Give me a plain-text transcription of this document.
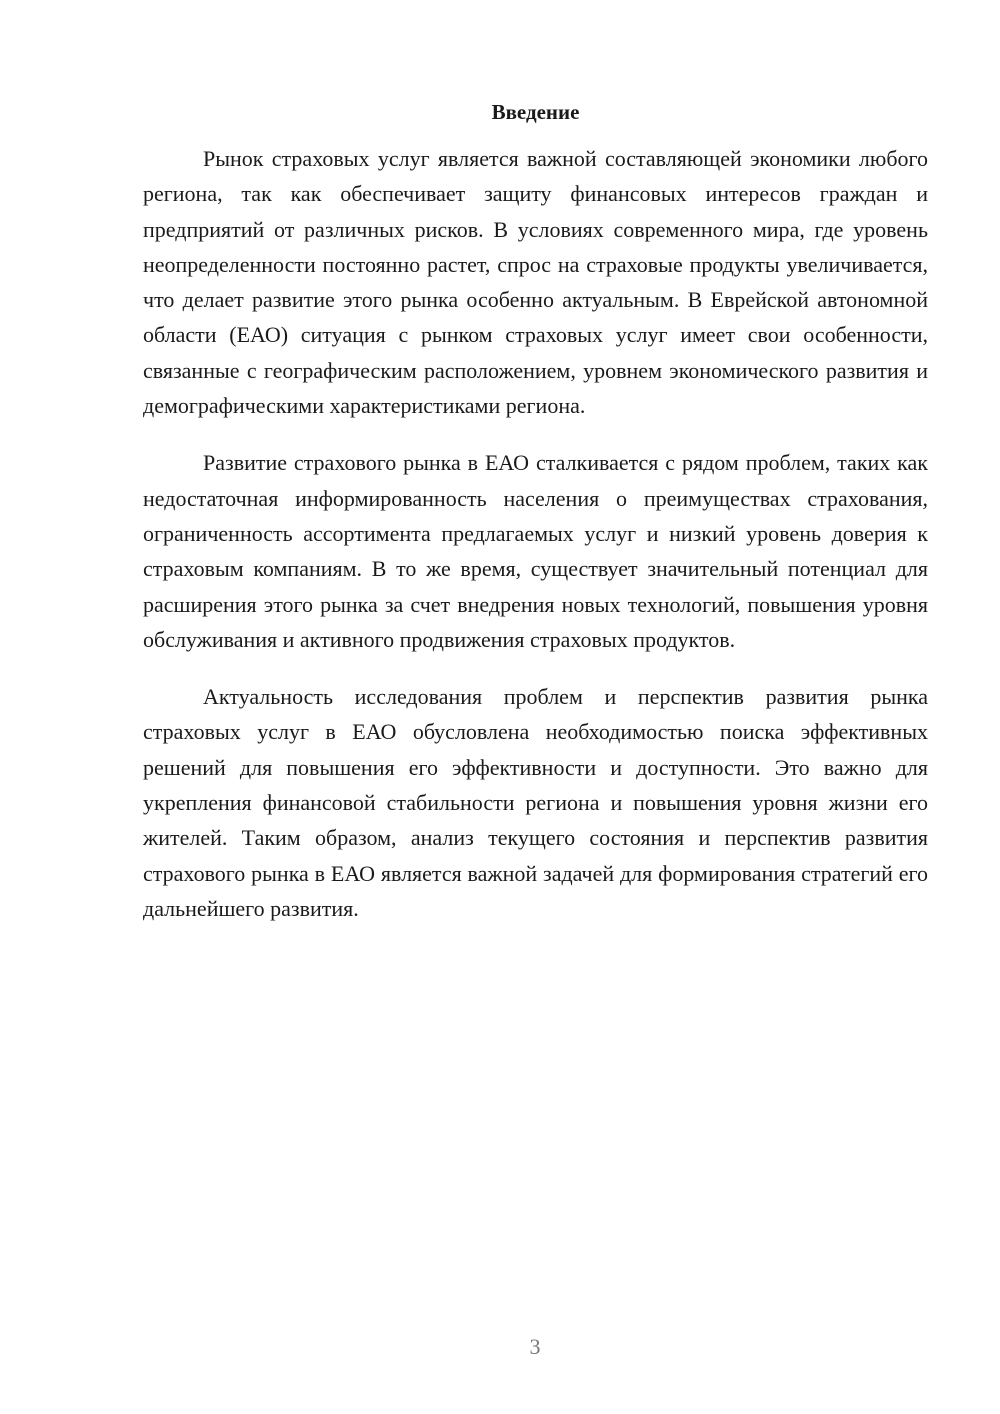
Введение

Рынок страховых услуг является важной составляющей экономики любого региона, так как обеспечивает защиту финансовых интересов граждан и предприятий от различных рисков. В условиях современного мира, где уровень неопределенности постоянно растет, спрос на страховые продукты увеличивается, что делает развитие этого рынка особенно актуальным. В Еврейской автономной области (ЕАО) ситуация с рынком страховых услуг имеет свои особенности, связанные с географическим расположением, уровнем экономического развития и демографическими характеристиками региона.

Развитие страхового рынка в ЕАО сталкивается с рядом проблем, таких как недостаточная информированность населения о преимуществах страхования, ограниченность ассортимента предлагаемых услуг и низкий уровень доверия к страховым компаниям. В то же время, существует значительный потенциал для расширения этого рынка за счет внедрения новых технологий, повышения уровня обслуживания и активного продвижения страховых продуктов.

Актуальность исследования проблем и перспектив развития рынка страховых услуг в ЕАО обусловлена необходимостью поиска эффективных решений для повышения его эффективности и доступности. Это важно для укрепления финансовой стабильности региона и повышения уровня жизни его жителей. Таким образом, анализ текущего состояния и перспектив развития страхового рынка в ЕАО является важной задачей для формирования стратегий его дальнейшего развития.

3
